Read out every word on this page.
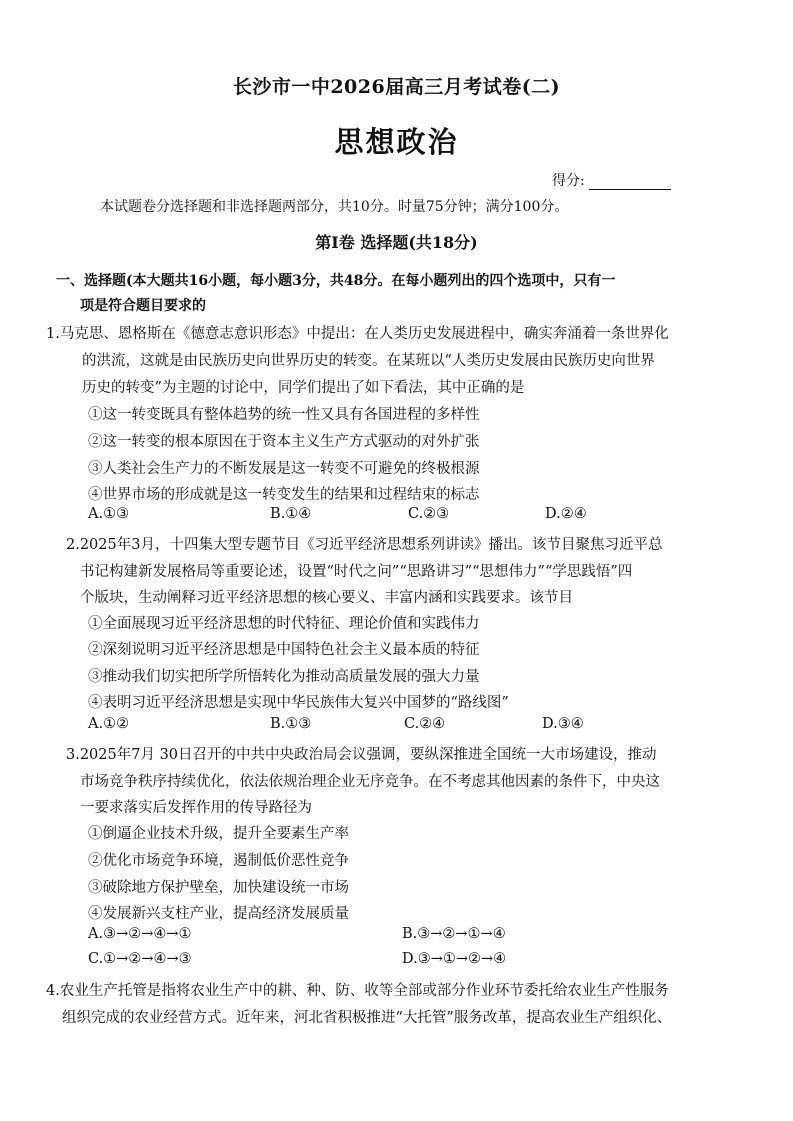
长沙市一中2026届高三月考试卷(二)
思想政治
得分:
本试题卷分选择题和非选择题两部分，共10分。时量75分钟；满分100分。
第Ⅰ卷 选择题(共18分)
一、选择题(本大题共16小题，每小题3分，共48分。在每小题列出的四个选项中，只有一
项是符合题目要求的
1.马克思、恩格斯在《德意志意识形态》中提出：在人类历史发展进程中，确实奔涌着一条世界化
的洪流，这就是由民族历史向世界历史的转变。在某班以“人类历史发展由民族历史向世界
历史的转变”为主题的讨论中，同学们提出了如下看法，其中正确的是
①这一转变既具有整体趋势的统一性又具有各国进程的多样性
②这一转变的根本原因在于资本主义生产方式驱动的对外扩张
③人类社会生产力的不断发展是这一转变不可避免的终极根源
④世界市场的形成就是这一转变发生的结果和过程结束的标志
A.①③	B.①④	C.②③	D.②④
2.2025年3月，十四集大型专题节目《习近平经济思想系列讲读》播出。该节目聚焦习近平总
书记构建新发展格局等重要论述，设置“时代之问”“思路讲习”“思想伟力”“学思践悟”四
个版块，生动阐释习近平经济思想的核心要义、丰富内涵和实践要求。该节目
①全面展现习近平经济思想的时代特征、理论价值和实践伟力
②深刻说明习近平经济思想是中国特色社会主义最本质的特征
③推动我们切实把所学所悟转化为推动高质量发展的强大力量
④表明习近平经济思想是实现中华民族伟大复兴中国梦的“路线图”
A.①②	B.①③	C.②④	D.③④
3.2025年7月 30日召开的中共中央政治局会议强调，要纵深推进全国统一大市场建设，推动
市场竞争秩序持续优化，依法依规治理企业无序竞争。在不考虑其他因素的条件下，中央这
一要求落实后发挥作用的传导路径为
①倒逼企业技术升级，提升全要素生产率
②优化市场竞争环境，遏制低价恶性竞争
③破除地方保护壁垒，加快建设统一市场
④发展新兴支柱产业，提高经济发展质量
A.③→②→④→①	B.③→②→①→④
C.①→②→④→③	D.③→①→②→④
4.农业生产托管是指将农业生产中的耕、种、防、收等全部或部分作业环节委托给农业生产性服务
组织完成的农业经营方式。近年来，河北省积极推进“大托管”服务改革，提高农业生产组织化、
